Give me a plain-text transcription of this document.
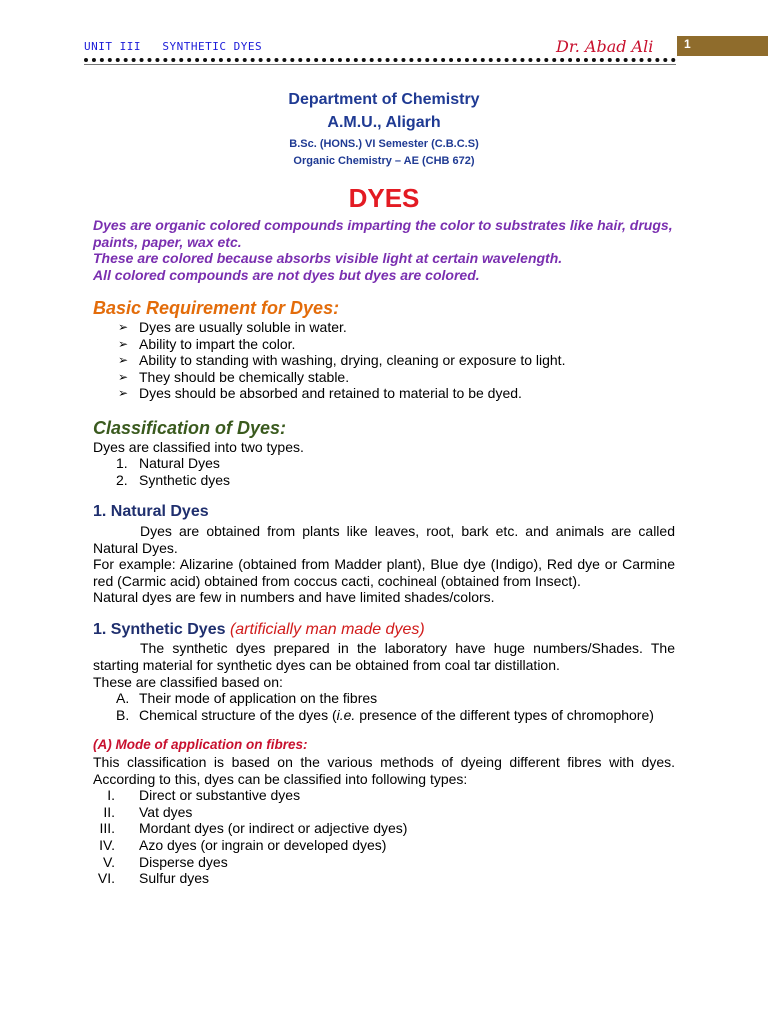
UNIT III   SYNTHETIC DYES	Dr. Abad Ali	1
Department of Chemistry
A.M.U., Aligarh
B.Sc. (HONS.) VI Semester (C.B.C.S)
Organic Chemistry – AE (CHB 672)
DYES

Dyes are organic colored compounds imparting the color to substrates like hair, drugs, paints, paper, wax etc.

These are colored because absorbs visible light at certain wavelength.

All colored compounds are not dyes but dyes are colored.

Basic Requirement for Dyes:
➢ Dyes are usually soluble in water.
➢ Ability to impart the color.
➢ Ability to standing with washing, drying, cleaning or exposure to light.
➢ They should be chemically stable.
➢ Dyes should be absorbed and retained to material to be dyed.
Classification of Dyes:

Dyes are classified into two types.

1. Natural Dyes
2. Synthetic dyes
1. Natural Dyes

Dyes are obtained from plants like leaves, root, bark etc. and animals are called Natural Dyes.

For example: Alizarine (obtained from Madder plant), Blue dye (Indigo), Red dye or Carmine red (Carmic acid) obtained from coccus cacti, cochineal (obtained from Insect).

Natural dyes are few in numbers and have limited shades/colors.

1. Synthetic Dyes (artificially man made dyes)

The synthetic dyes prepared in the laboratory have huge numbers/Shades. The starting material for synthetic dyes can be obtained from coal tar distillation.

These are classified based on:

A. Their mode of application on the fibres
B. Chemical structure of the dyes (i.e. presence of the different types of chromophore)
(A) Mode of application on fibres:

This classification is based on the various methods of dyeing different fibres with dyes. According to this, dyes can be classified into following types:

I. Direct or substantive dyes
II. Vat dyes
III. Mordant dyes (or indirect or adjective dyes)
IV. Azo dyes (or ingrain or developed dyes)
V. Disperse dyes
VI. Sulfur dyes
